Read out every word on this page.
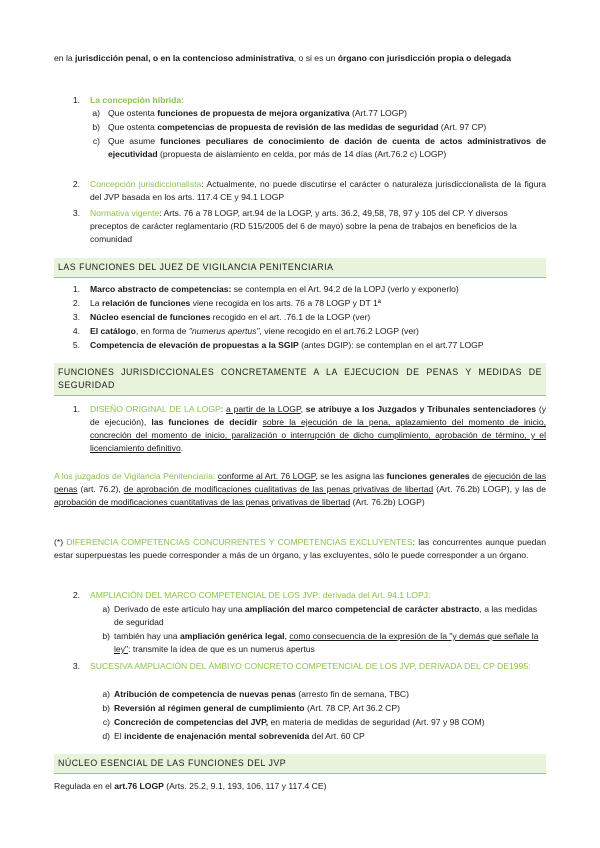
en la jurisdicción penal, o en la contencioso administrativa, o si es un órgano con jurisdicción propia o delegada
1. La concepción híbrida:
a) Que ostenta funciones de propuesta de mejora organizativa (Art.77 LOGP)
b) Que ostenta competencias de propuesta de revisión de las medidas de seguridad (Art. 97 CP)
c) Que asume funciones peculiares de conocimiento de dación de cuenta de actos administrativos de ejecutividad (propuesta de aislamiento en celda, por más de 14 días (Art.76.2 c) LOGP)
2. Concepción jurisdiccionalista: Actualmente, no puede discutirse el carácter o naturaleza jurisdiccionalista de la figura del JVP basada en los arts. 117.4 CE y 94.1 LOGP
3. Normativa vigente: Arts. 76 a 78 LOGP, art.94 de la LOGP, y arts. 36.2, 49,58, 78, 97 y 105 del CP. Y diversos preceptos de carácter reglamentario (RD 515/2005 del 6 de mayo) sobre la pena de trabajos en beneficios de la comunidad
LAS FUNCIONES DEL JUEZ DE VIGILANCIA PENITENCIARIA
1. Marco abstracto de competencias: se contempla en el Art. 94.2 de la LOPJ (verlo y exponerlo)
2. La relación de funciones viene recogida en los arts. 76 a 78 LOGP y DT 1ª
3. Núcleo esencial de funciones recogido en el art. .76.1 de la LOGP (ver)
4. El catálogo, en forma de "numerus apertus", viene recogido en el art.76.2 LOGP (ver)
5. Competencia de elevación de propuestas a la SGIP (antes DGIP): se contemplan en el art.77 LOGP
FUNCIONES JURISDICCIONALES CONCRETAMENTE A LA EJECUCION DE PENAS Y MEDIDAS DE SEGURIDAD
1. DISEÑO ORIGINAL DE LA LOGP: a partir de la LOGP, se atribuye a los Juzgados y Tribunales sentenciadores (y de ejecución), las funciones de decidir sobre la ejecución de la pena, aplazamiento del momento de inicio, concreción del momento de inicio, paralización o interrupción de dicho cumplimiento, aprobación de término, y el licenciamiento definitivo.
A los juzgados de Vigilancia Penitenciaria: conforme al Art. 76 LOGP, se les asigna las funciones generales de ejecución de las penas (art. 76.2), de aprobación de modificaciones cualitativas de las penas privativas de libertad (Art. 76.2b) LOGP), y las de aprobación de modificaciones cuantitativas de las penas privativas de libertad (Art. 76.2b) LOGP)
(*) DIFERENCIA COMPETENCIAS CONCURRENTES Y COMPETENCIAS EXCLUYENTES: las concurrentes aunque puedan estar superpuestas les puede corresponder a más de un órgano, y las excluyentes, sólo le puede corresponder a un órgano.
2. AMPLIACIÓN DEL MARCO COMPETENCIAL DE LOS JVP: derivada del Art. 94.1 LOPJ:
a) Derivado de este artículo hay una ampliación del marco competencial de carácter abstracto, a las medidas de seguridad
b) también hay una ampliación genérica legal, como consecuencia de la expresión de la "y demás que señale la ley": transmite la idea de que es un numerus apertus
3. SUCESIVA AMPLIACIÓN DEL ÁMBIYO CONCRETO COMPETENCIAL DE LOS JVP, DERIVADA DEL CP DE1995:
a) Atribución de competencia de nuevas penas (arresto fin de semana, TBC)
b) Reversión al régimen general de cumplimiento (Art. 78 CP, Art 36.2 CP)
c) Concreción de competencias del JVP, en materia de medidas de seguridad (Art. 97 y 98 COM)
d) El incidente de enajenación mental sobrevenida del Art. 60 CP
NÚCLEO ESENCIAL DE LAS FUNCIONES DEL JVP
Regulada en el art.76 LOGP (Arts. 25.2, 9.1, 193, 106, 117 y 117.4 CE)
